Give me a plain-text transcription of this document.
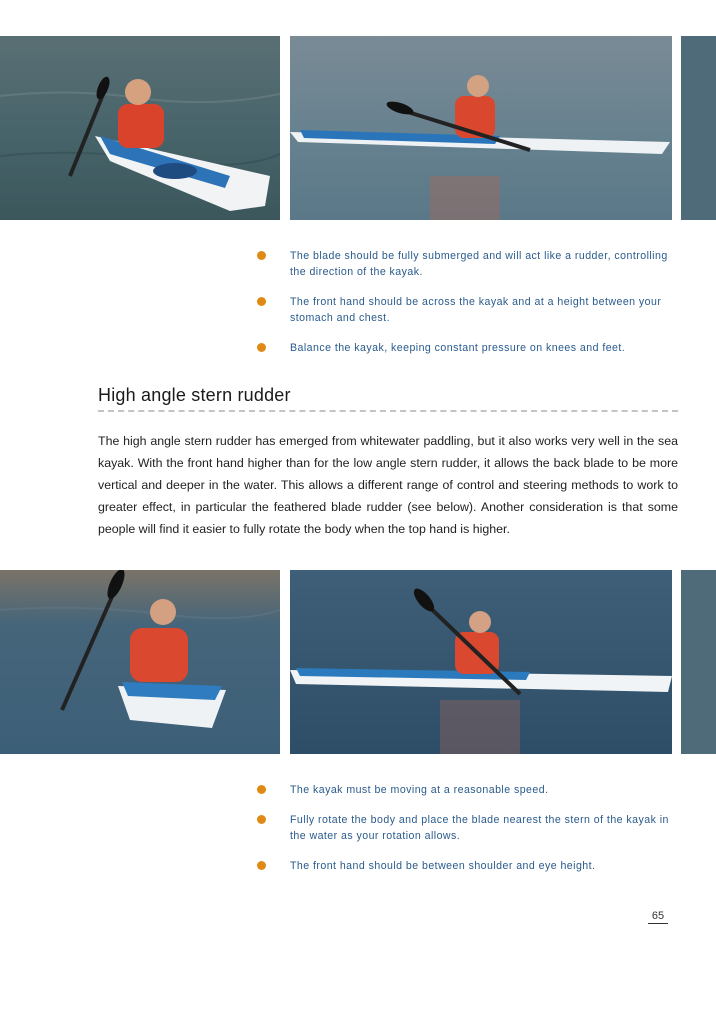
The blade should be fully submerged and will act like a rudder, controlling the direction of the kayak.
The front hand should be across the kayak and at a height between your stomach and chest.
Balance the kayak, keeping constant pressure on knees and feet.
High angle stern rudder

The high angle stern rudder has emerged from whitewater paddling, but it also works very well in the sea kayak. With the front hand higher than for the low angle stern rudder, it allows the back blade to be more vertical and deeper in the water. This allows a different range of control and steering methods to work to greater effect, in particular the feathered blade rudder (see below). Another consideration is that some people will find it easier to fully rotate the body when the top hand is higher.

The kayak must be moving at a reasonable speed.
Fully rotate the body and place the blade nearest the stern of the kayak in the water as your rotation allows.
The front hand should be between shoulder and eye height.
65
